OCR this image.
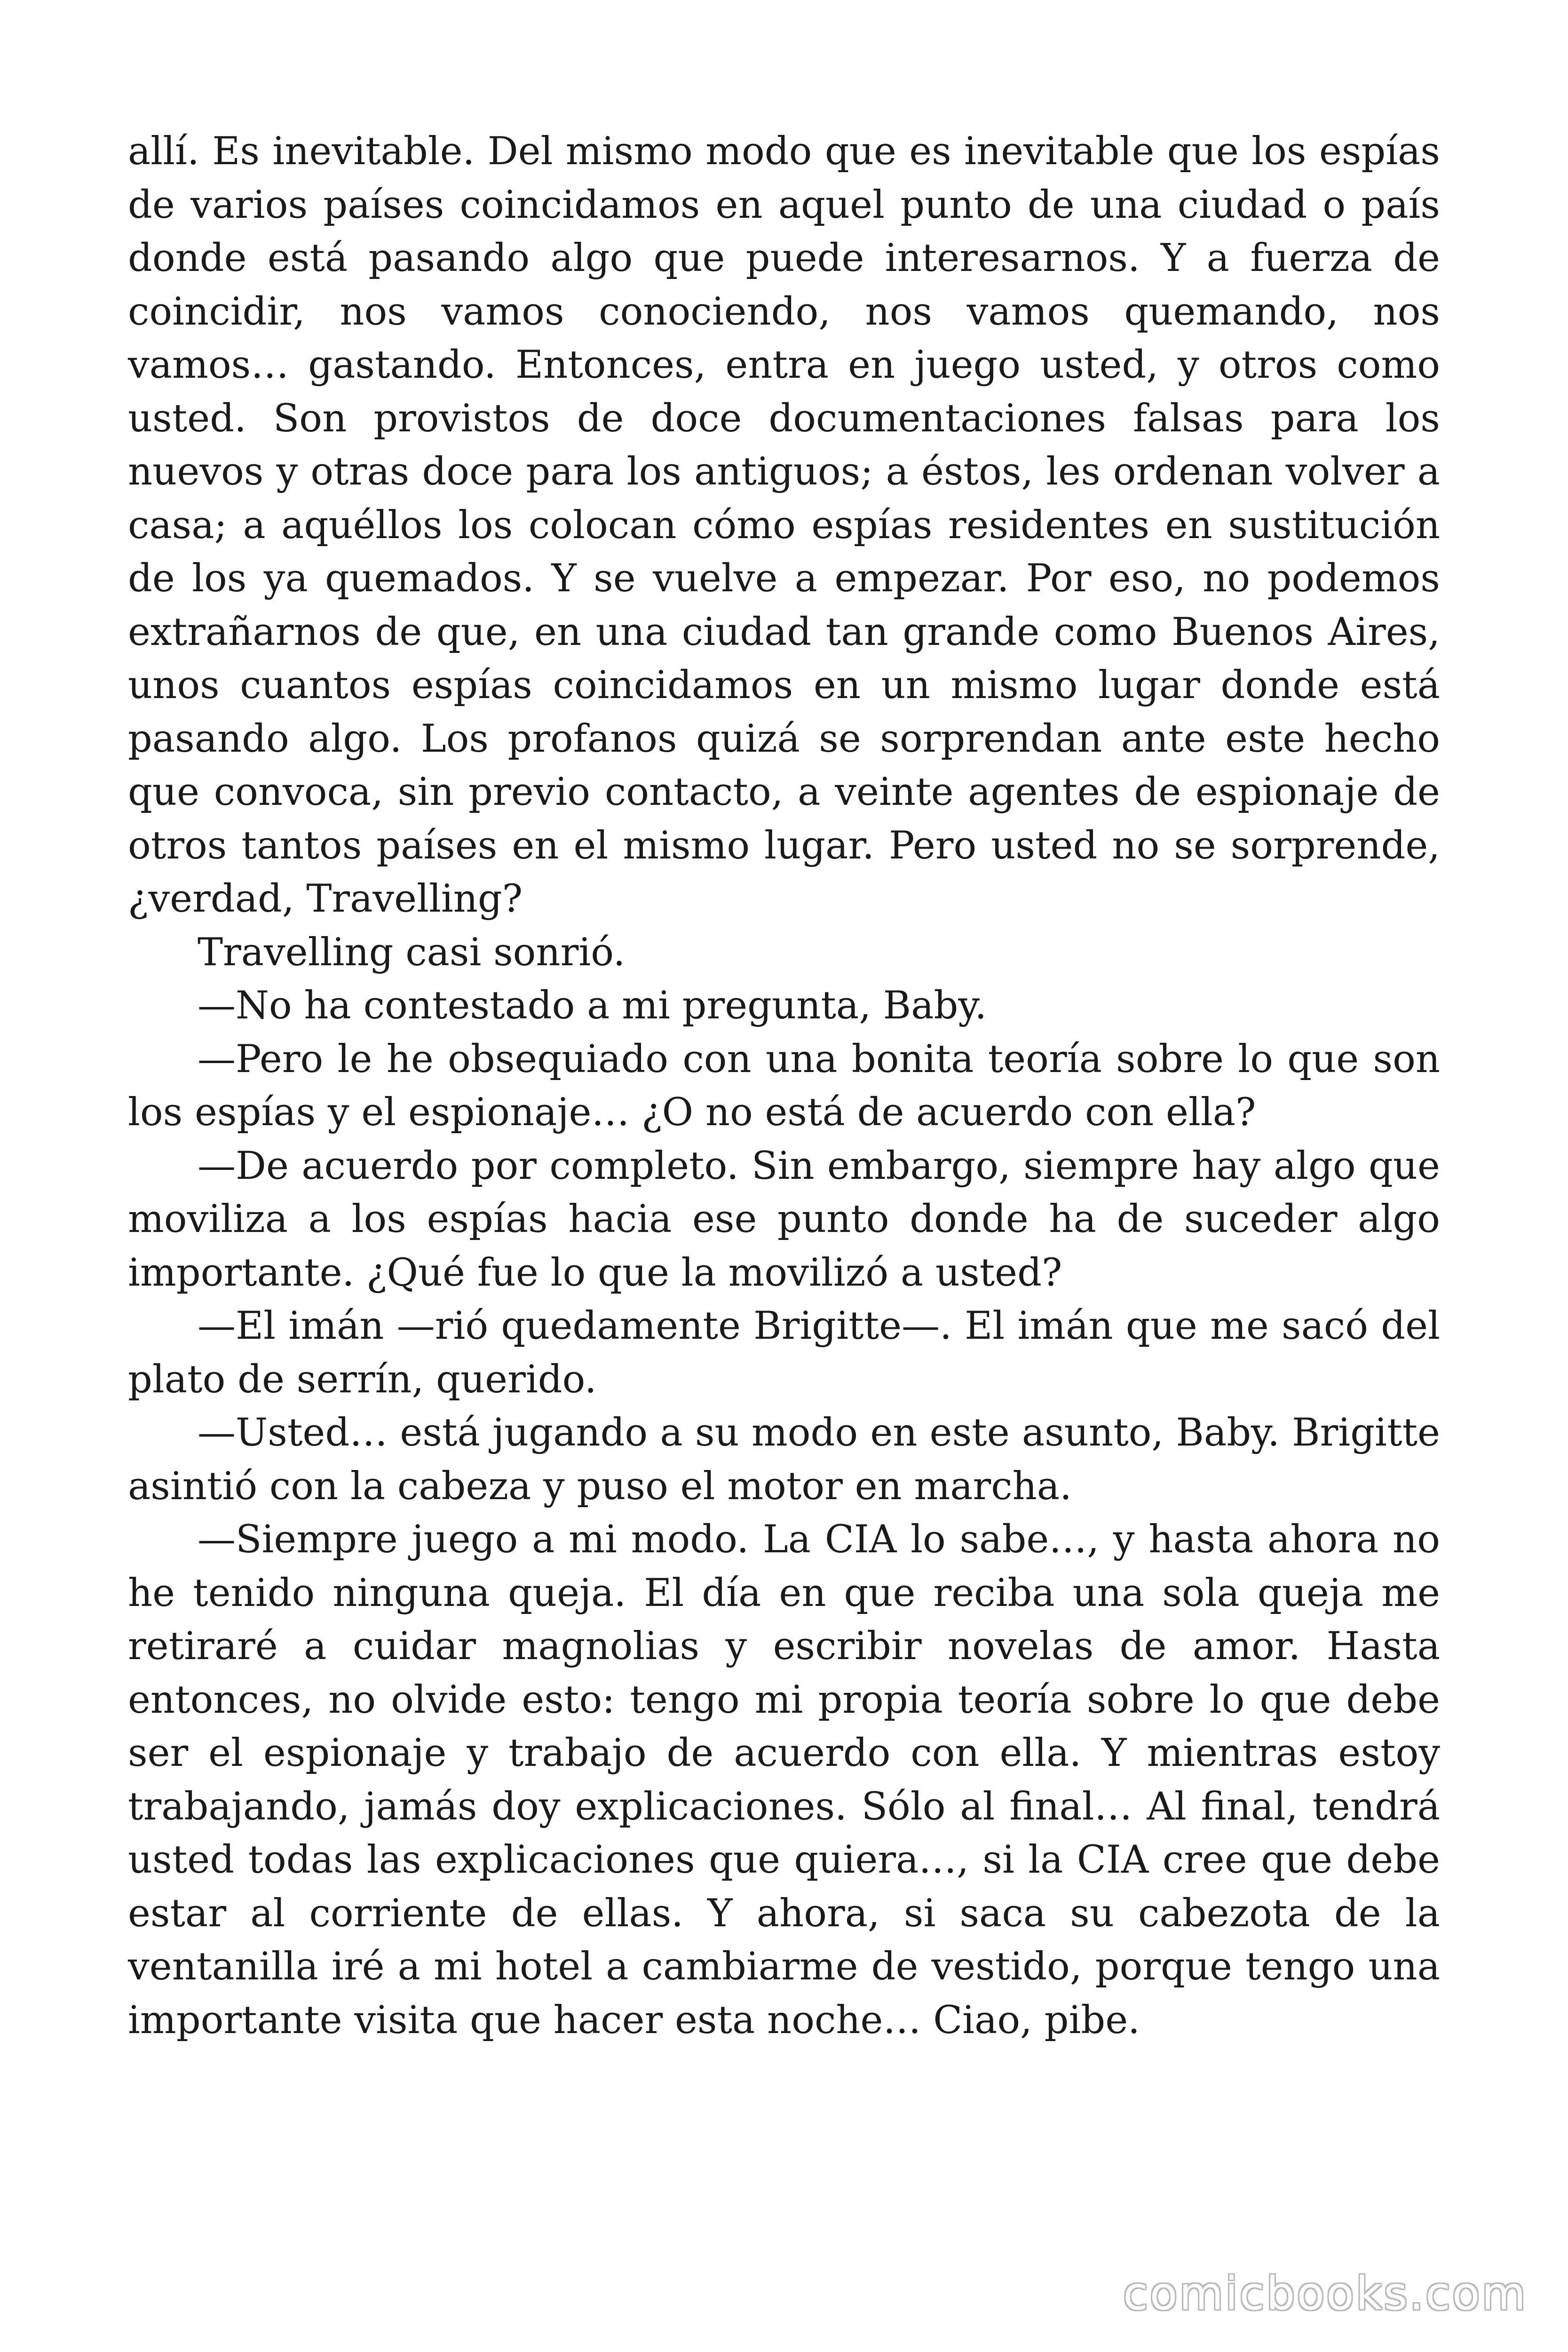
allí. Es inevitable. Del mismo modo que es inevitable que los espías de varios países coincidamos en aquel punto de una ciudad o país donde está pasando algo que puede interesarnos. Y a fuerza de coincidir, nos vamos conociendo, nos vamos quemando, nos vamos… gastando. Entonces, entra en juego usted, y otros como usted. Son provistos de doce documentaciones falsas para los nuevos y otras doce para los antiguos; a éstos, les ordenan volver a casa; a aquéllos los colocan cómo espías residentes en sustitución de los ya quemados. Y se vuelve a empezar. Por eso, no podemos extrañarnos de que, en una ciudad tan grande como Buenos Aires, unos cuantos espías coincidamos en un mismo lugar donde está pasando algo. Los profanos quizá se sorprendan ante este hecho que convoca, sin previo contacto, a veinte agentes de espionaje de otros tantos países en el mismo lugar. Pero usted no se sorprende, ¿verdad, Travelling?

Travelling casi sonrió.

—No ha contestado a mi pregunta, Baby.

—Pero le he obsequiado con una bonita teoría sobre lo que son los espías y el espionaje… ¿O no está de acuerdo con ella?

—De acuerdo por completo. Sin embargo, siempre hay algo que moviliza a los espías hacia ese punto donde ha de suceder algo importante. ¿Qué fue lo que la movilizó a usted?

—El imán —rió quedamente Brigitte—. El imán que me sacó del plato de serrín, querido.

—Usted… está jugando a su modo en este asunto, Baby. Brigitte asintió con la cabeza y puso el motor en marcha.

—Siempre juego a mi modo. La CIA lo sabe…, y hasta ahora no he tenido ninguna queja. El día en que reciba una sola queja me retiraré a cuidar magnolias y escribir novelas de amor. Hasta entonces, no olvide esto: tengo mi propia teoría sobre lo que debe ser el espionaje y trabajo de acuerdo con ella. Y mientras estoy trabajando, jamás doy explicaciones. Sólo al final… Al final, tendrá usted todas las explicaciones que quiera…, si la CIA cree que debe estar al corriente de ellas. Y ahora, si saca su cabezota de la ventanilla iré a mi hotel a cambiarme de vestido, porque tengo una importante visita que hacer esta noche… Ciao, pibe.

comicbooks.com
